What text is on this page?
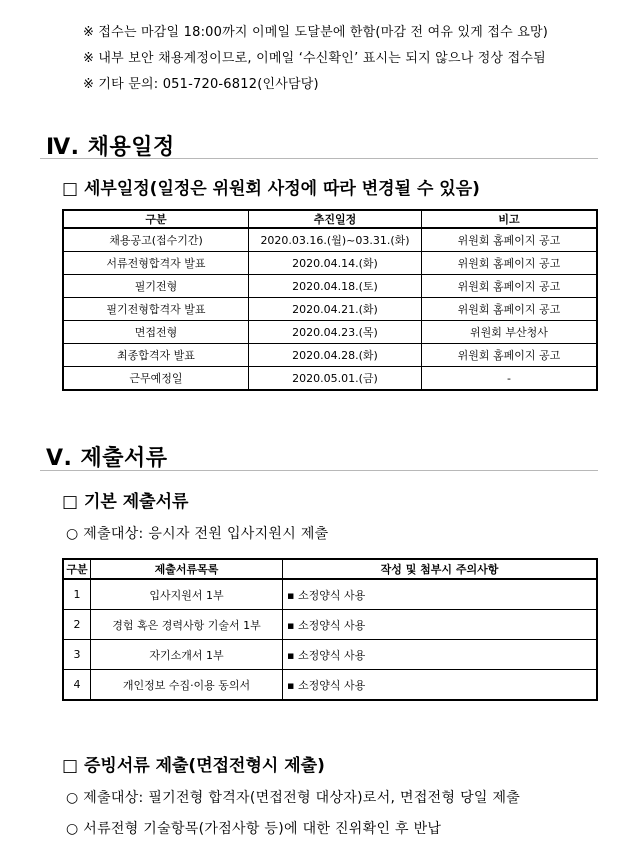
※ 접수는 마감일 18:00까지 이메일 도달분에 한함(마감 전 여유 있게 접수 요망)
※ 내부 보안 채용계정이므로, 이메일 ‘수신확인’ 표시는 되지 않으나 정상 접수됨
※ 기타 문의: 051-720-6812(인사담당)
Ⅳ. 채용일정
□ 세부일정(일정은 위원회 사정에 따라 변경될 수 있음)
구분	추진일정	비고
채용공고(접수기간)	2020.03.16.(월)~03.31.(화)	위원회 홈페이지 공고
서류전형합격자 발표	2020.04.14.(화)	위원회 홈페이지 공고
필기전형	2020.04.18.(토)	위원회 홈페이지 공고
필기전형합격자 발표	2020.04.21.(화)	위원회 홈페이지 공고
면접전형	2020.04.23.(목)	위원회 부산청사
최종합격자 발표	2020.04.28.(화)	위원회 홈페이지 공고
근무예정일	2020.05.01.(금)	-
Ⅴ. 제출서류
□ 기본 제출서류
○ 제출대상: 응시자 전원 입사지원시 제출
구분	제출서류목록	작성 및 첨부시 주의사항
1	입사지원서 1부	▪ 소정양식 사용
2	경험 혹은 경력사항 기술서 1부	▪ 소정양식 사용
3	자기소개서 1부	▪ 소정양식 사용
4	개인정보 수집·이용 동의서	▪ 소정양식 사용
□ 증빙서류 제출(면접전형시 제출)
○ 제출대상: 필기전형 합격자(면접전형 대상자)로서, 면접전형 당일 제출
○ 서류전형 기술항목(가점사항 등)에 대한 진위확인 후 반납
